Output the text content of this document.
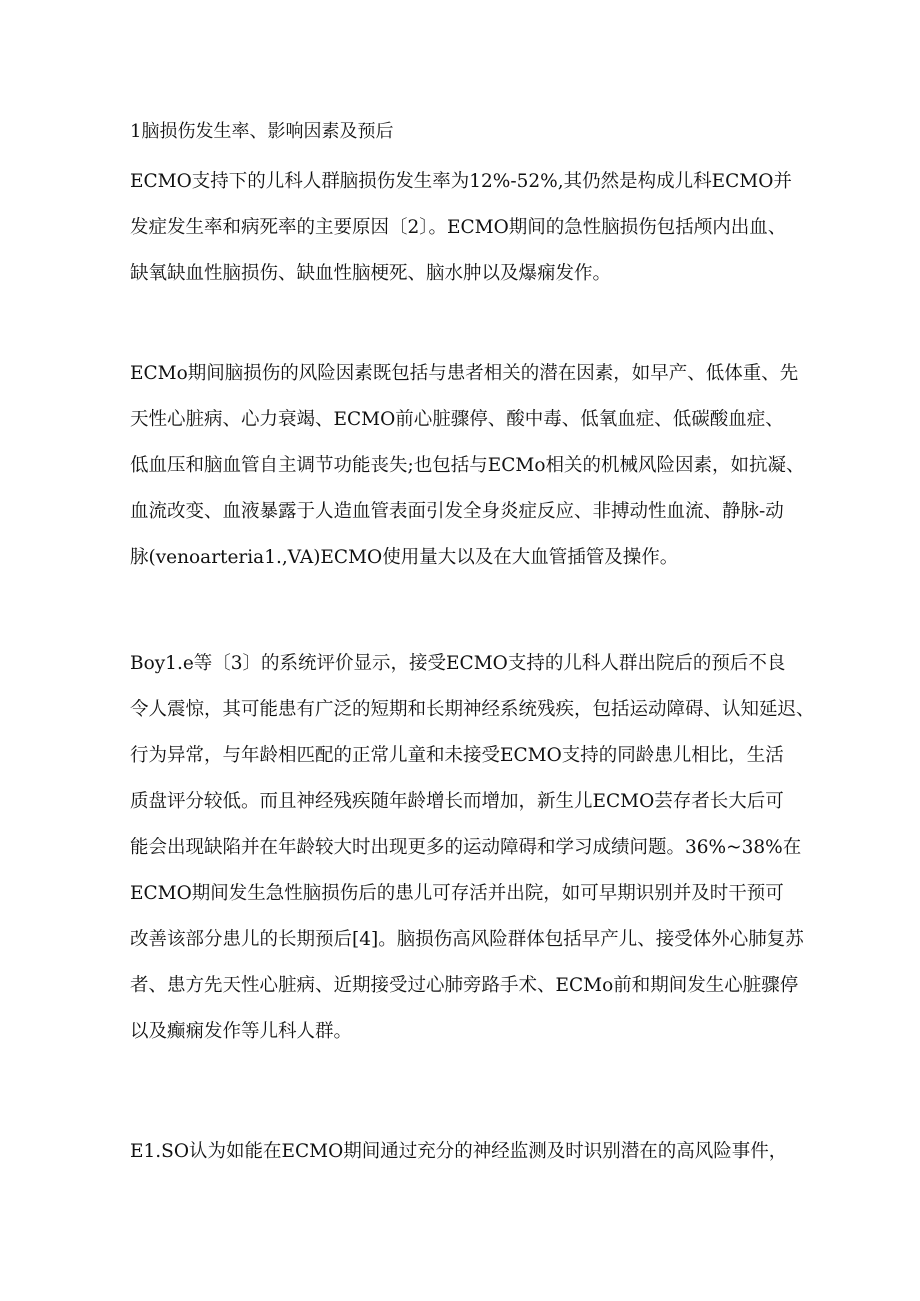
1脑损伤发生率、影响因素及预后
ECMO支持下的儿科人群脑损伤发生率为12%-52%,其仍然是构成儿科ECMO并
发症发生率和病死率的主要原因〔2〕。ECMO期间的急性脑损伤包括颅内出血、
缺氧缺血性脑损伤、缺血性脑梗死、脑水肿以及爆痫发作。
ECMo期间脑损伤的风险因素既包括与患者相关的潜在因素，如早产、低体重、先
天性心脏病、心力衰竭、ECMO前心脏骤停、酸中毒、低氧血症、低碳酸血症、
低血压和脑血管自主调节功能丧失;也包括与ECMo相关的机械风险因素，如抗凝、
血流改变、血液暴露于人造血管表面引发全身炎症反应、非搏动性血流、静脉-动
脉(venoarteria1.,VA)ECMO使用量大以及在大血管插管及操作。
Boy1.e等〔3〕的系统评价显示，接受ECMO支持的儿科人群出院后的预后不良
令人震惊，其可能患有广泛的短期和长期神经系统残疾，包括运动障碍、认知延迟、
行为异常，与年龄相匹配的正常儿童和未接受ECMO支持的同龄患儿相比，生活
质盘评分较低。而且神经残疾随年龄增长而增加，新生儿ECMO芸存者长大后可
能会出现缺陷并在年龄较大时出现更多的运动障碍和学习成绩问题。36%~38%在
ECMO期间发生急性脑损伤后的患儿可存活并出院，如可早期识别并及时干预可
改善该部分患儿的长期预后[4]。脑损伤高风险群体包括早产儿、接受体外心肺复苏
者、患方先天性心脏病、近期接受过心肺旁路手术、ECMo前和期间发生心脏骤停
以及癫痫发作等儿科人群。
E1.SO认为如能在ECMO期间通过充分的神经监测及时识别潜在的高风险事件，
